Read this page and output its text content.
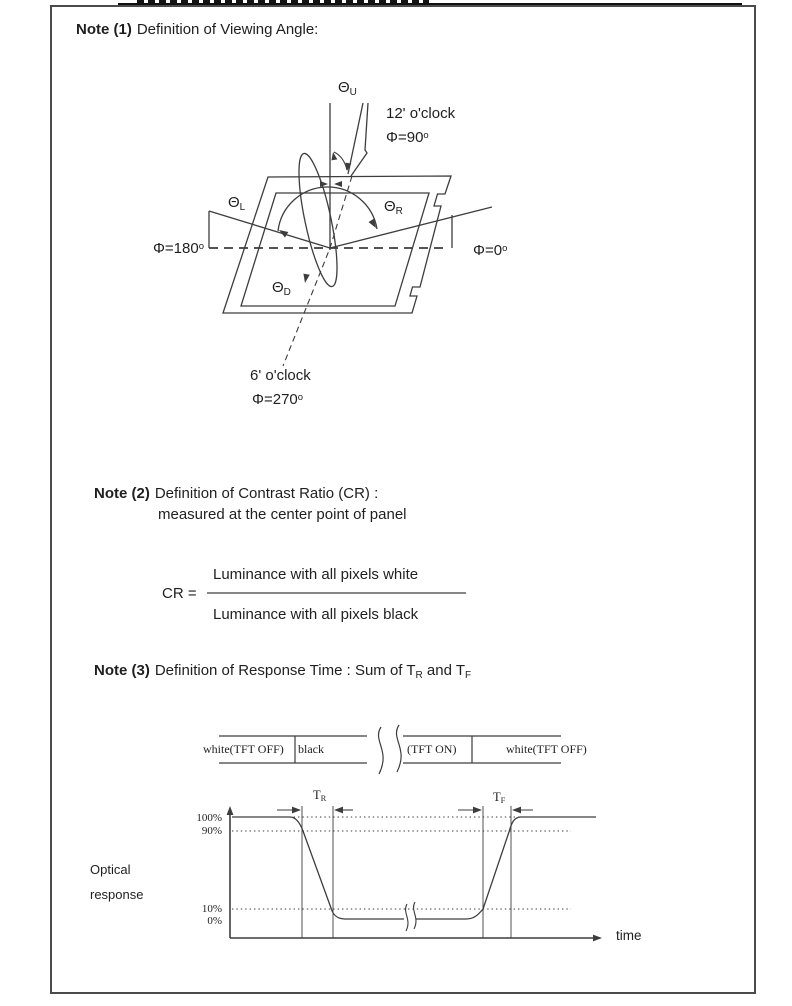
Note (1) Definition of Viewing Angle:
$\Theta_U$
12' o'clock
$\Phi=90^o$
$\Theta_L$	$\Theta_R$
$\Phi=180^o$	$\Phi=0^o$
$\Theta_D$
6' o'clock
$\Phi=270^o$
Note (2) Definition of Contrast Ratio (CR) :
measured at the center point of panel
CR =
Luminance with all pixels white
Luminance with all pixels black
Note (3) Definition of Response Time : Sum of $T_R$ and $T_F$
white(TFT OFF) black	(TFT ON)	white(TFT OFF)
TR	TF
100%
90%
10%
0%
time
Optical
response
